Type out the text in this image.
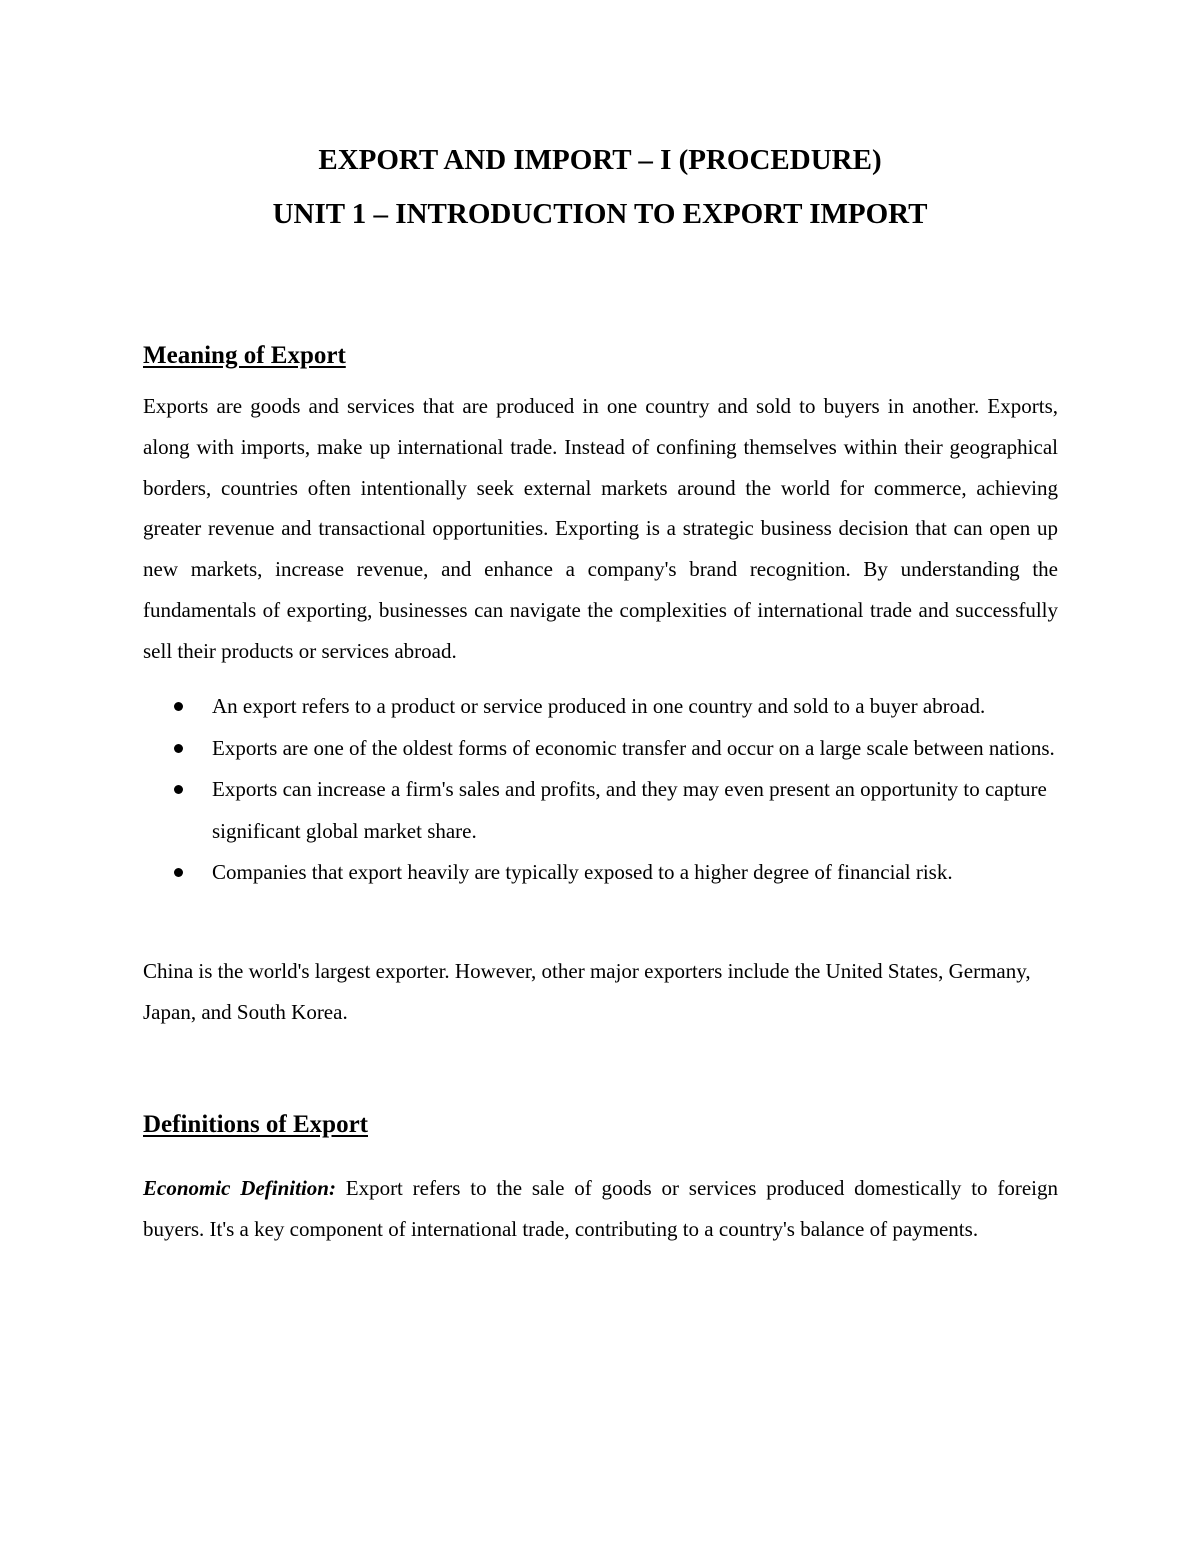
EXPORT AND IMPORT – I (PROCEDURE)
UNIT 1 – INTRODUCTION TO EXPORT IMPORT
Meaning of Export

Exports are goods and services that are produced in one country and sold to buyers in another. Exports, along with imports, make up international trade. Instead of confining themselves within their geographical borders, countries often intentionally seek external markets around the world for commerce, achieving greater revenue and transactional opportunities. Exporting is a strategic business decision that can open up new markets, increase revenue, and enhance a company's brand recognition. By understanding the fundamentals of exporting, businesses can navigate the complexities of international trade and successfully sell their products or services abroad.

An export refers to a product or service produced in one country and sold to a buyer abroad.
Exports are one of the oldest forms of economic transfer and occur on a large scale between nations.
Exports can increase a firm's sales and profits, and they may even present an opportunity to capture significant global market share.
Companies that export heavily are typically exposed to a higher degree of financial risk.

China is the world's largest exporter. However, other major exporters include the United States, Germany, Japan, and South Korea.

Definitions of Export

Economic Definition: Export refers to the sale of goods or services produced domestically to foreign buyers. It's a key component of international trade, contributing to a country's balance of payments.
